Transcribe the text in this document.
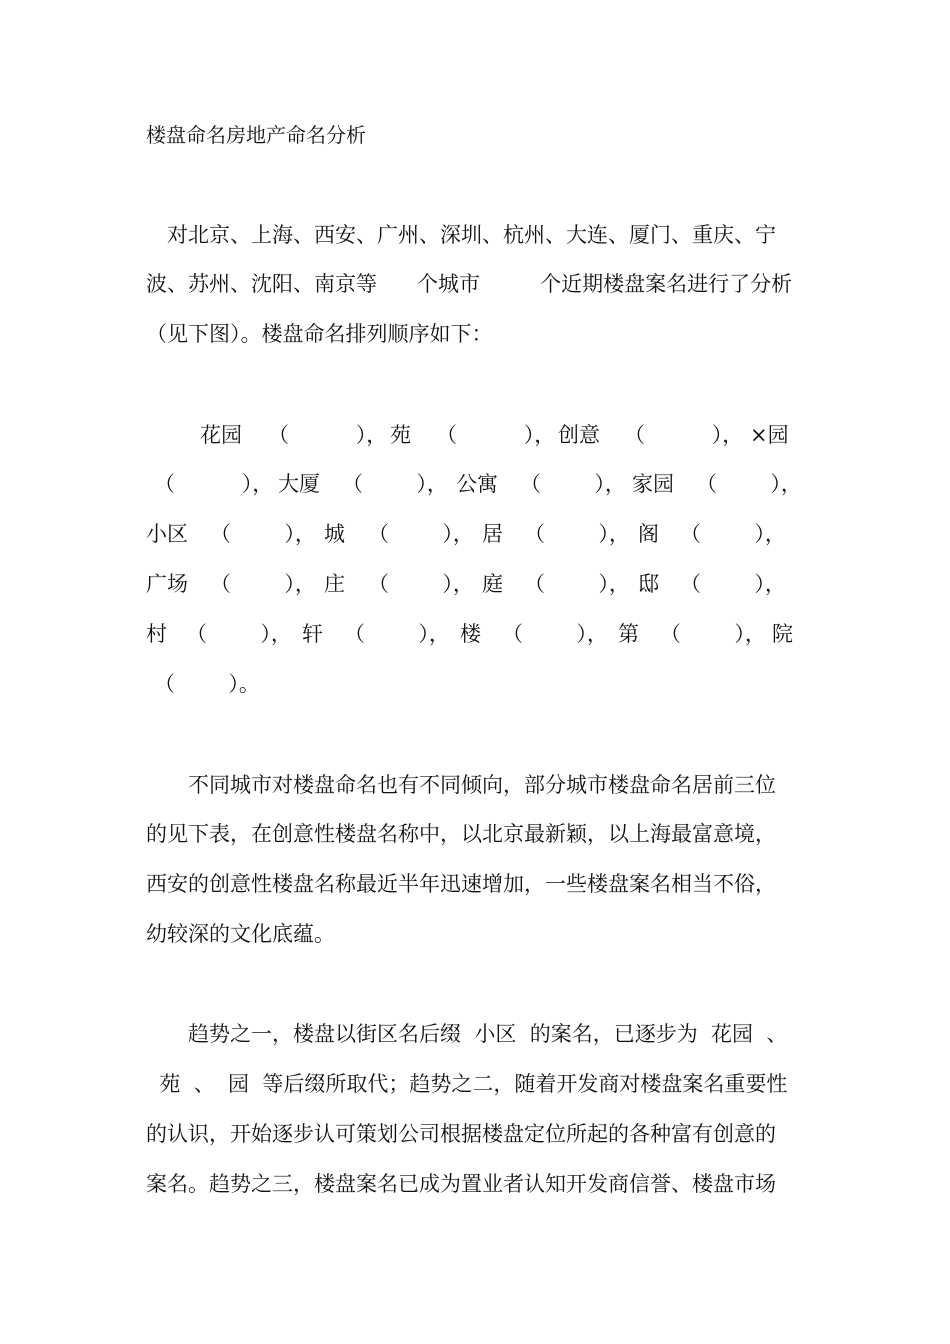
楼盘命名房地产命名分析
对北京、上海、西安、广州、深圳、杭州、大连、厦门、重庆、宁
波、苏州、沈阳、南京等      个城市         个近期楼盘案名进行了分析
（见下图）。楼盘命名排列顺序如下：
花园 （          ）， 苑 （          ）， 创意 （          ）， ×园
（          ）， 大厦 （        ）， 公寓 （        ）， 家园 （        ），
小区 （        ）， 城 （        ）， 居 （        ）， 阁 （        ），
广场 （        ）， 庄 （        ）， 庭 （        ）， 邸 （        ），
村 （        ）， 轩 （        ）， 楼 （        ）， 第 （        ）， 院
（        ）。
不同城市对楼盘命名也有不同倾向，部分城市楼盘命名居前三位
的见下表，在创意性楼盘名称中，以北京最新颖，以上海最富意境，
西安的创意性楼盘名称最近半年迅速增加，一些楼盘案名相当不俗，
幼较深的文化底蕴。
趋势之一，楼盘以街区名后缀  小区  的案名，已逐步为  花园  、
苑  、  园  等后缀所取代；趋势之二，随着开发商对楼盘案名重要性
的认识，开始逐步认可策划公司根据楼盘定位所起的各种富有创意的
案名。趋势之三，楼盘案名已成为置业者认知开发商信誉、楼盘市场
